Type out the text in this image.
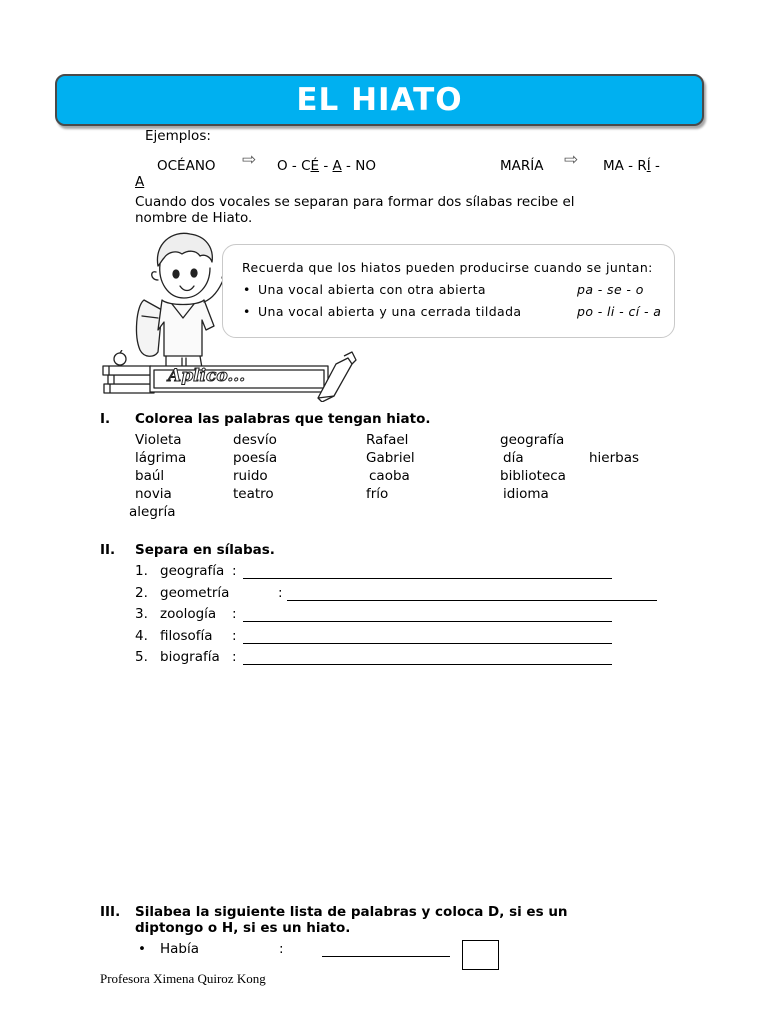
EL HIATO
Ejemplos:
OCÉANO ⇨ O - CÉ - A - NO	MARÍA ⇨ MA - RÍ -
A
Cuando dos vocales se separan para formar dos sílabas recibe el
nombre de Hiato.
Recuerda que los hiatos pueden producirse cuando se juntan:
• Una vocal abierta con otra abierta	pa - se - o
• Una vocal abierta y una cerrada tildada	po - li - cí - a
Aplico...
I. Colorea las palabras que tengan hiato.
Violeta	desvío	Rafael	geografía
lágrima	poesía	Gabriel	día	hierbas
baúl	ruido	caoba	biblioteca
novia	teatro	frío	idioma
alegría
II. Separa en sílabas.
1. geografía :
2. geometría	:
3. zoología :
4. filosofía :
5. biografía :
III. Silabea la siguiente lista de palabras y coloca D, si es un
diptongo o H, si es un hiato.
• Había	:
Profesora Ximena Quiroz Kong
